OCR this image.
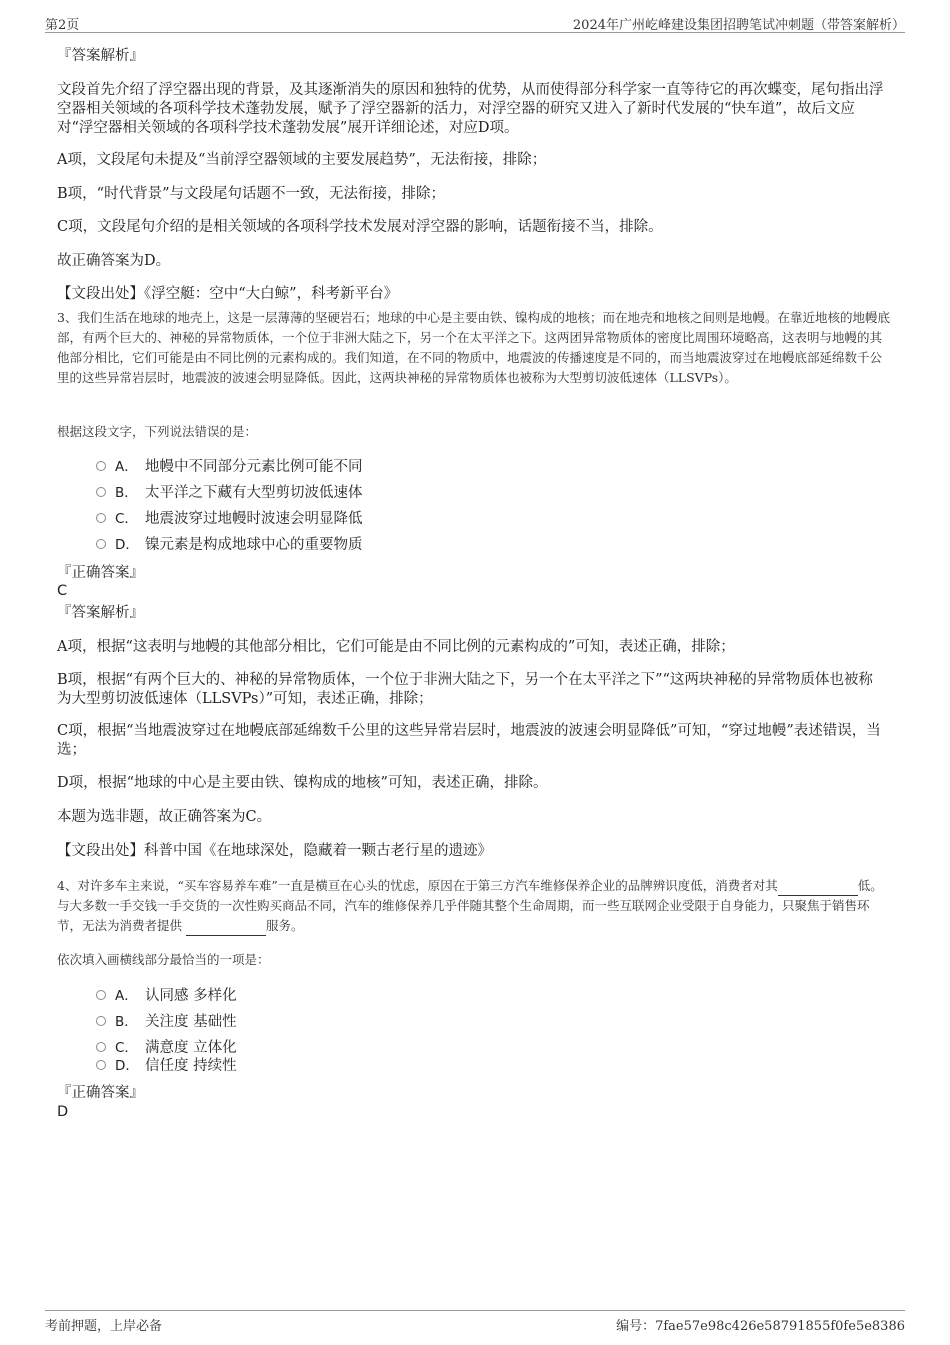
第2页	2024年广州屹峰建设集团招聘笔试冲刺题（带答案解析）

『答案解析』

文段首先介绍了浮空器出现的背景，及其逐渐消失的原因和独特的优势，从而使得部分科学家一直等待它的再次蝶变，尾句指出浮空器相关领域的各项科学技术蓬勃发展，赋予了浮空器新的活力，对浮空器的研究又进入了新时代发展的“快车道”，故后文应对“浮空器相关领域的各项科学技术蓬勃发展”展开详细论述，对应D项。

A项，文段尾句未提及“当前浮空器领域的主要发展趋势”，无法衔接，排除；

B项，“时代背景”与文段尾句话题不一致，无法衔接，排除；

C项，文段尾句介绍的是相关领域的各项科学技术发展对浮空器的影响，话题衔接不当，排除。

故正确答案为D。

【文段出处】《浮空艇：空中“大白鲸”，科考新平台》

3、我们生活在地球的地壳上，这是一层薄薄的坚硬岩石；地球的中心是主要由铁、镍构成的地核；而在地壳和地核之间则是地幔。在靠近地核的地幔底部，有两个巨大的、神秘的异常物质体，一个位于非洲大陆之下，另一个在太平洋之下。这两团异常物质体的密度比周围环境略高，这表明与地幔的其他部分相比，它们可能是由不同比例的元素构成的。我们知道，在不同的物质中，地震波的传播速度是不同的，而当地震波穿过在地幔底部延绵数千公里的这些异常岩层时，地震波的波速会明显降低。因此，这两块神秘的异常物质体也被称为大型剪切波低速体（LLSVPs）。

根据这段文字，下列说法错误的是：

A． 地幔中不同部分元素比例可能不同
B． 太平洋之下藏有大型剪切波低速体
C． 地震波穿过地幔时波速会明显降低
D． 镍元素是构成地球中心的重要物质

『正确答案』

C

『答案解析』

A项，根据“这表明与地幔的其他部分相比，它们可能是由不同比例的元素构成的”可知，表述正确，排除；

B项，根据“有两个巨大的、神秘的异常物质体，一个位于非洲大陆之下，另一个在太平洋之下”“这两块神秘的异常物质体也被称为大型剪切波低速体（LLSVPs）”可知，表述正确，排除；

C项，根据“当地震波穿过在地幔底部延绵数千公里的这些异常岩层时，地震波的波速会明显降低”可知，“穿过地幔”表述错误，当选；

D项，根据“地球的中心是主要由铁、镍构成的地核”可知，表述正确，排除。

本题为选非题，故正确答案为C。

【文段出处】科普中国《在地球深处，隐藏着一颗古老行星的遗迹》

4、对许多车主来说，“买车容易养车难”一直是横亘在心头的忧虑，原因在于第三方汽车维修保养企业的品牌辨识度低，消费者对其	低。与大多数一手交钱一手交货的一次性购买商品不同，汽车的维修保养几乎伴随其整个生命周期，而一些互联网企业受限于自身能力，只聚焦于销售环节，无法为消费者提供	服务。

依次填入画横线部分最恰当的一项是：

A． 认同感 多样化
B． 关注度 基础性
C． 满意度 立体化
D． 信任度 持续性

『正确答案』

D

考前押题，上岸必备	编号：7fae57e98c426e58791855f0fe5e8386
